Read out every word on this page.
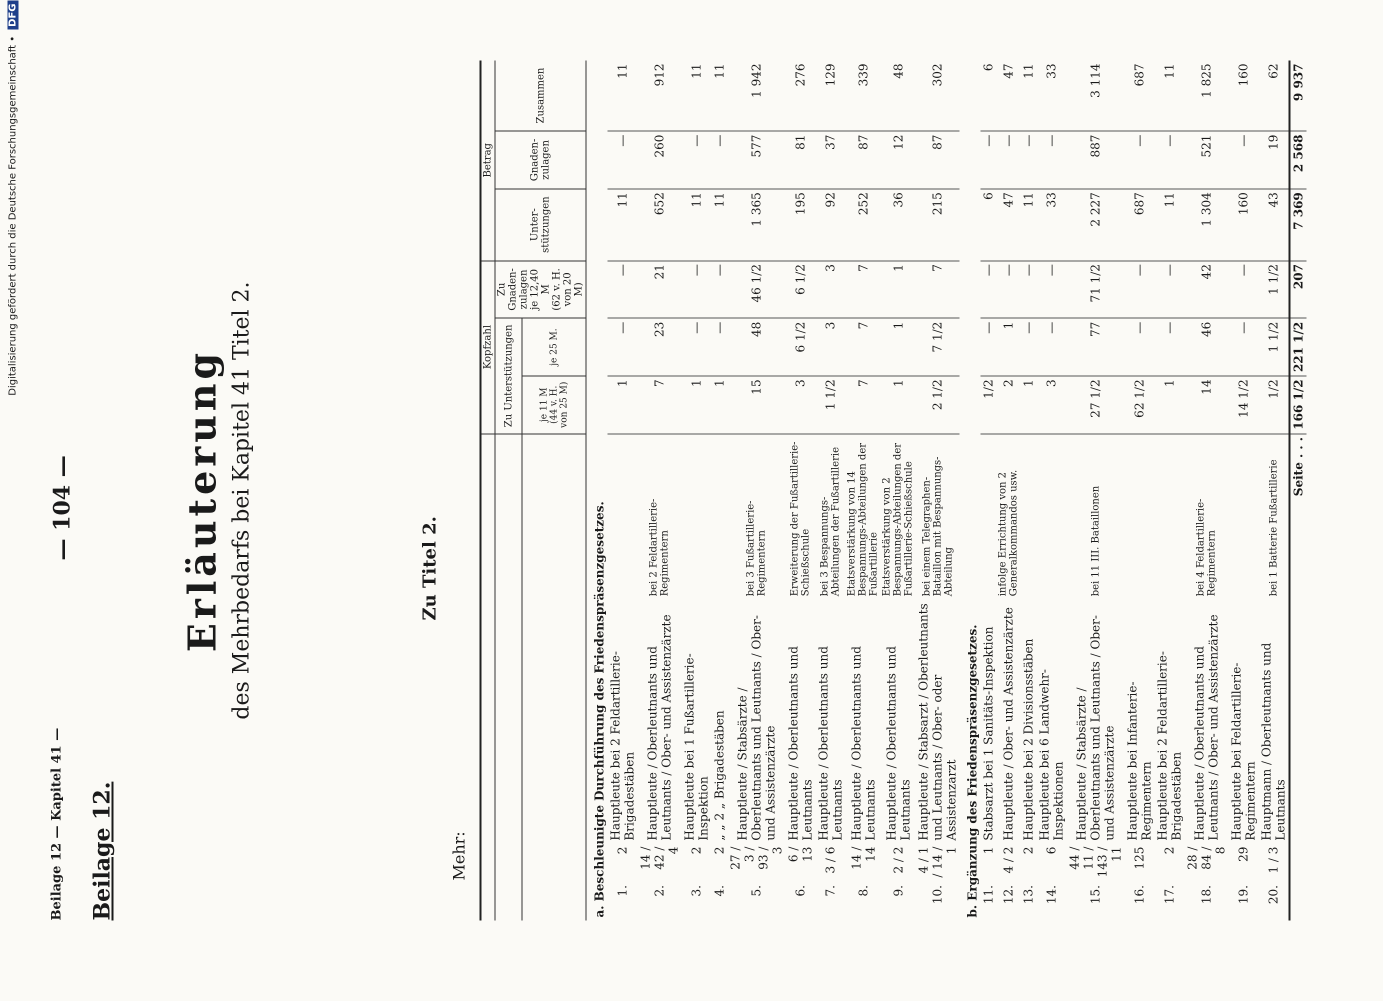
Digitalisierung gefördert durch die Deutsche Forschungsgemeinschaft •DFG
Beilage 12 — Kapitel 41 —
— 104 —
Beilage 12.
Erläuterung des Mehrbedarfs bei Kapitel 41 Titel 2.	Zu Titel 2.
Mehr:
				Kopfzahl			Betrag		
				Zu Unterstützungen		Zu Gnaden-zulagen je 12,40 M
(62 v. H. von 20 M)	Unter-stützungen	Gnaden-zulagen	Zusammen
				je 11 M
(44 v. H. von 25 M)	je 25 M.				
a. Beschleunigte Durchführung des Friedenspräsenzgesetzes.									
1.	2	Hauptleute bei 2 Feldartillerie-Brigadestäben		1	—	—	11	—	11
2.	14 / 42 / 4	Hauptleute / Oberleutnants und Leutnants / Ober- und Assistenzärzte	bei 2 Feldartillerie-Regimentern	7	23	21	652	260	912
3.	2	Hauptleute bei 1 Fußartillerie-Inspektion		1	—	—	11	—	11
4.	2	„ „ 2 „ Brigadestäben		1	—	—	11	—	11
5.	27 / 3 / 93 / 3	Hauptleute / Stabsärzte / Oberleutnants und Leutnants / Ober- und Assistenzärzte	bei 3 Fußartillerie-Regimentern	15	48	46 1/2	1 365	577	1 942
6.	6 / 13	Hauptleute / Oberleutnants und Leutnants	Erweiterung der Fußartillerie-Schießschule	3	6 1/2	6 1/2	195	81	276
7.	3 / 6	Hauptleute / Oberleutnants und Leutnants	bei 3 Bespannungs-Abteilungen der Fußartillerie	1 1/2	3	3	92	37	129
8.	14 / 14	Hauptleute / Oberleutnants und Leutnants	Etatsverstärkung von 14 Bespannungs-Abteilungen der Fußartillerie	7	7	7	252	87	339
9.	2 / 2	Hauptleute / Oberleutnants und Leutnants	Etatsverstärkung von 2 Bespannungs-Abteilungen der Fußartillerie-Schießschule	1	1	1	36	12	48
10.	4 / 1 / 14 / 1	Hauptleute / Stabsarzt / Oberleutnants und Leutnants / Ober- oder Assistenzarzt	bei einem Telegraphen-Bataillon mit Bespannungs-Abteilung	2 1/2	7 1/2	7	215	87	302
b. Ergänzung des Friedenspräsenzgesetzes.									
11.	1	Stabsarzt bei 1 Sanitäts-Inspektion		1/2	—	—	6	—	6
12.	4 / 2	Hauptleute / Ober- und Assistenzärzte	infolge Errichtung von 2 Generalkommandos usw.	2	1	—	47	—	47
13.	2	Hauptleute bei 2 Divisionsstäben		1	—	—	11	—	11
14.	6	Hauptleute bei 6 Landwehr-Inspektionen		3	—	—	33	—	33
15.	44 / 11 / 143 / 11	Hauptleute / Stabsärzte / Oberleutnants und Leutnants / Ober- und Assistenzärzte	bei 11 III. Bataillonen	27 1/2	77	71 1/2	2 227	887	3 114
16.	125	Hauptleute bei Infanterie-Regimentern		62 1/2	—	—	687	—	687
17.	2	Hauptleute bei 2 Feldartillerie-Brigadestäben		1	—	—	11	—	11
18.	28 / 84 / 8	Hauptleute / Oberleutnants und Leutnants / Ober- und Assistenzärzte	bei 4 Feldartillerie-Regimentern	14	46	42	1 304	521	1 825
19.	29	Hauptleute bei Feldartillerie-Regimentern		14 1/2	—	—	160	—	160
20.	1 / 3	Hauptmann / Oberleutnants und Leutnants	bei 1 Batterie Fußartillerie	1/2	1 1/2	1 1/2	43	19	62
Seite . . .				166 1/2	221 1/2	207	7 369	2 568	9 937
